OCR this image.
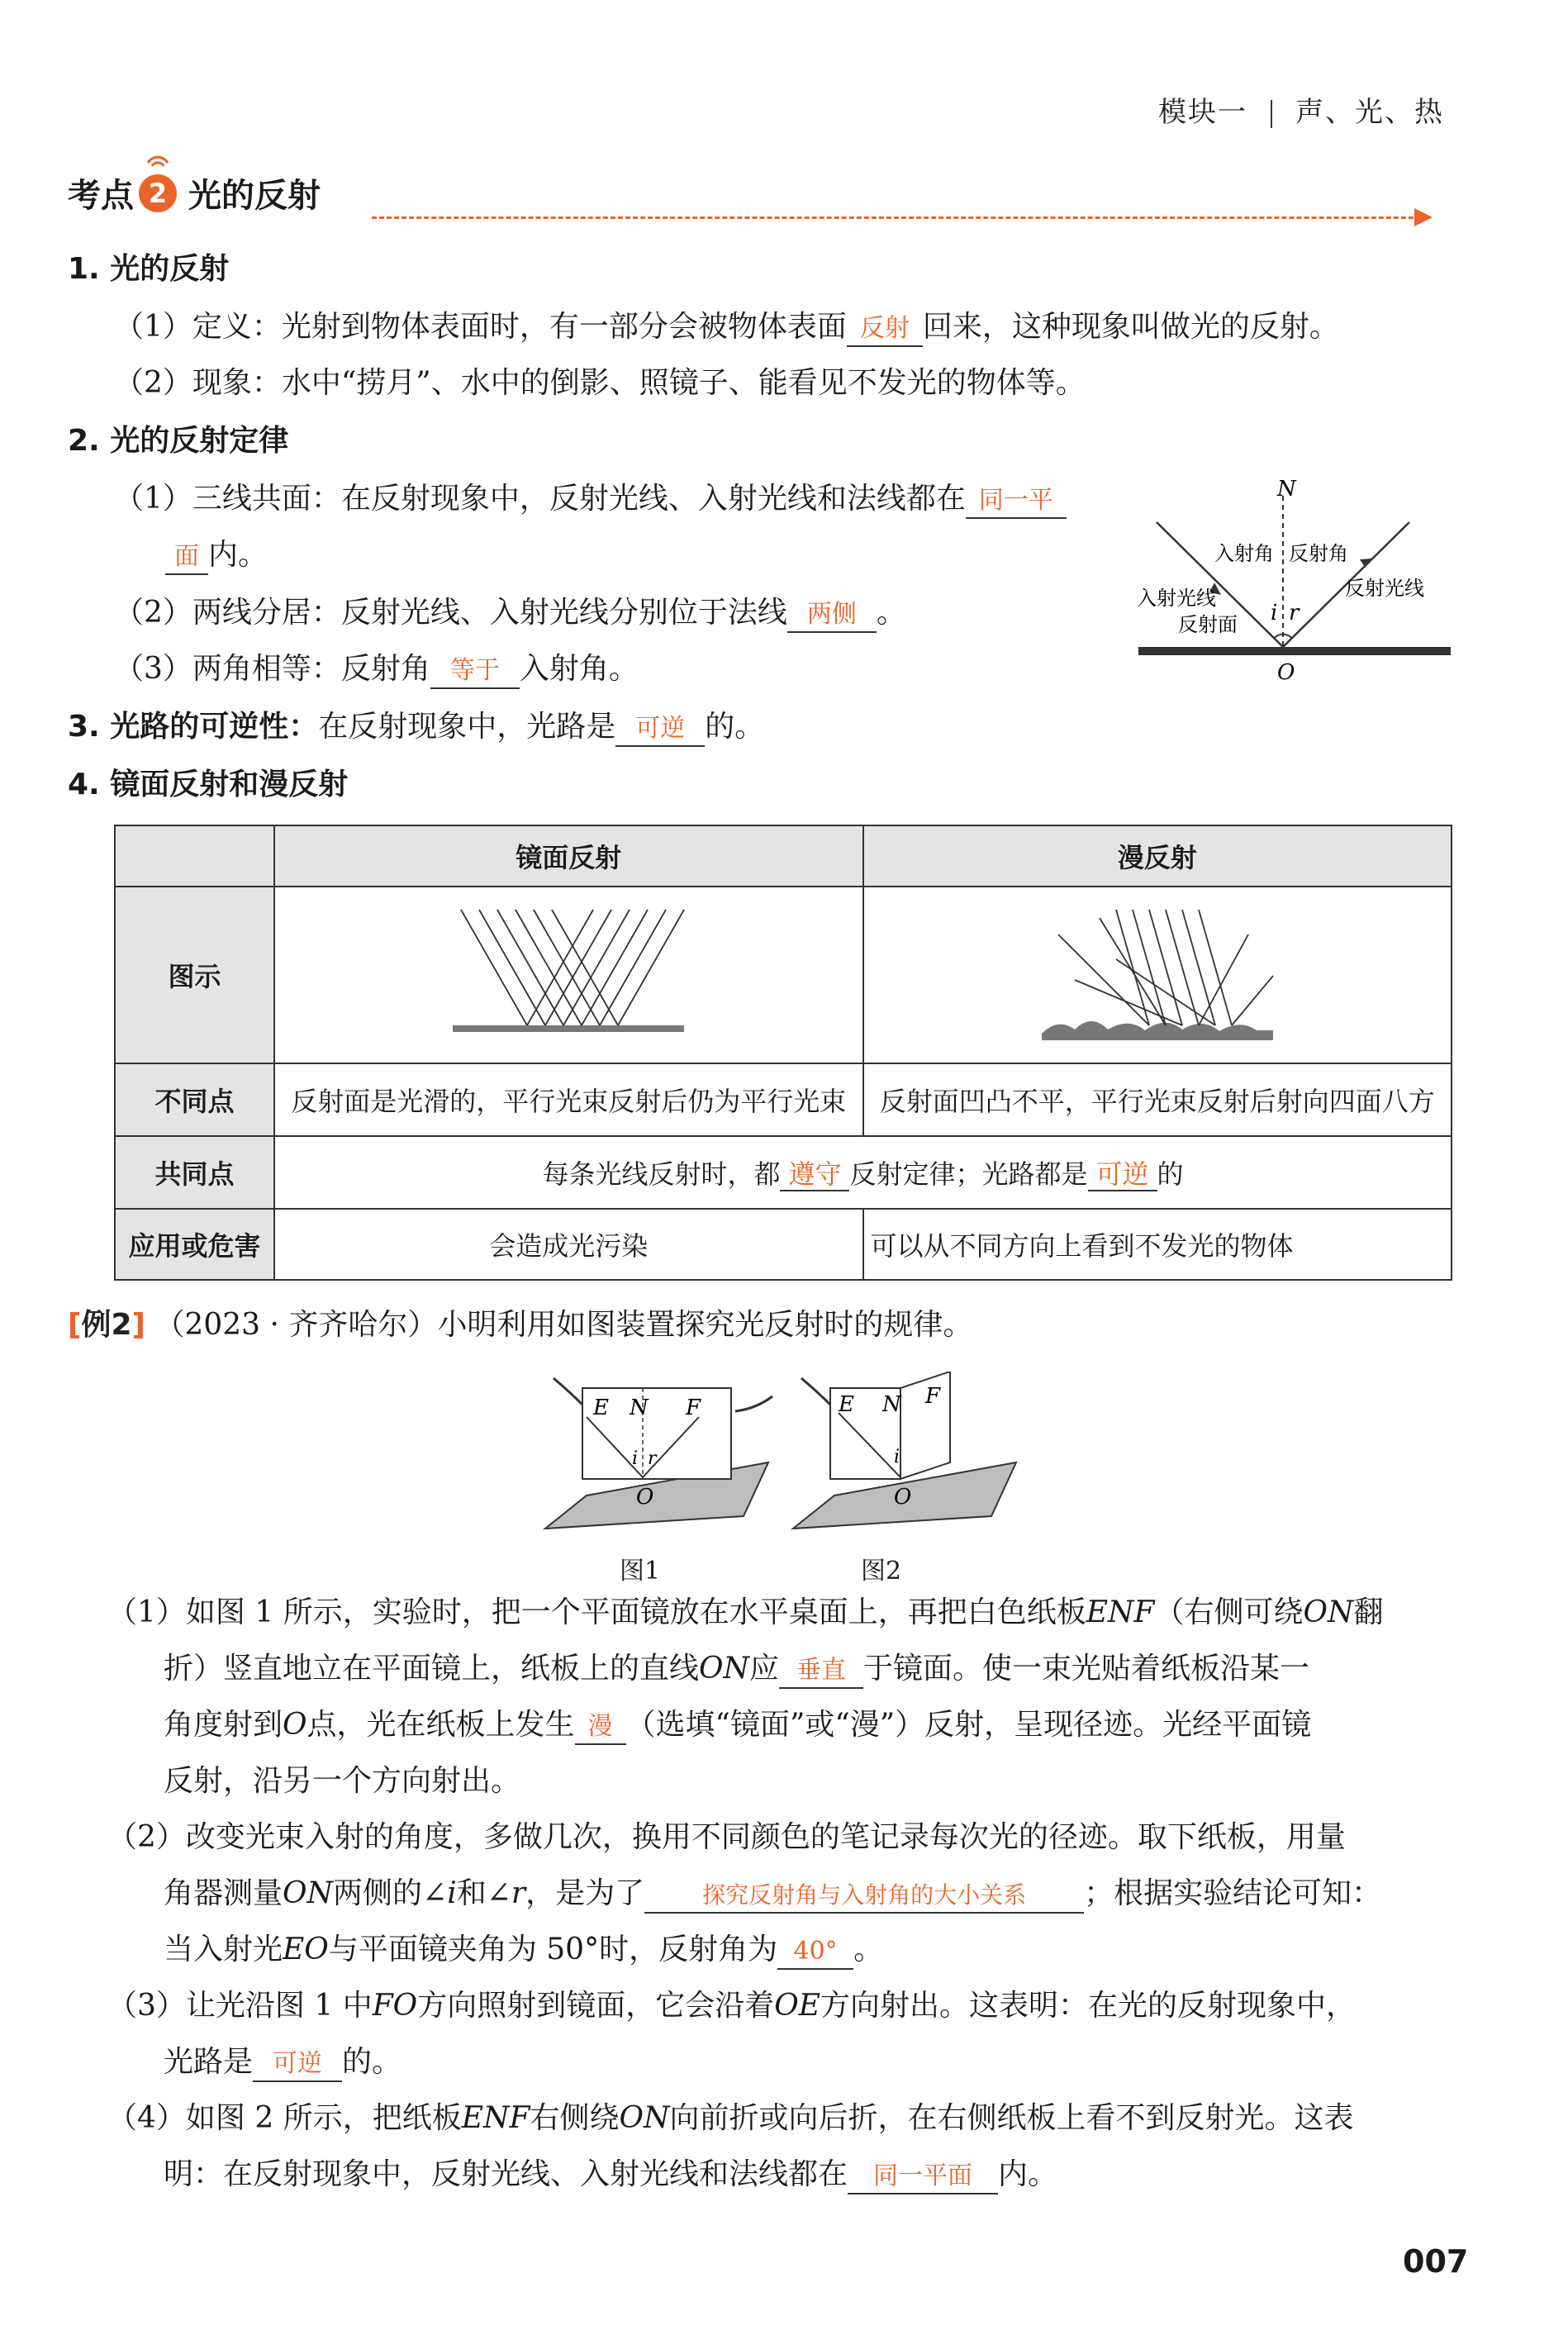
模块一 声、光、热
考点 2 光的反射
1. 光的反射
（1）定义：光射到物体表面时，有一部分会被物体表面 反射 回来，这种现象叫做光的反射。
（2）现象：水中“捞月”、水中的倒影、照镜子、能看见不发光的物体等。
2. 光的反射定律
（1）三线共面：在反射现象中，反射光线、入射光线和法线都在 同一平
面 内。
（2）两线分居：反射光线、入射光线分别位于法线 两侧 。
（3）两角相等：反射角 等于 入射角。
N
入射角 反射角
反射光线
入射光线
反射面 i r
O
3. 光路的可逆性：在反射现象中，光路是 可逆 的。
4. 镜面反射和漫反射
	镜面反射	漫反射
图示		
不同点	反射面是光滑的，平行光束反射后仍为平行光束	反射面凹凸不平，平行光束反射后射向四面八方
共同点	每条光线反射时，都 遵守 反射定律；光路都是 可逆 的	
应用或危害	会造成光污染	可以从不同方向上看到不发光的物体
[例2] （2023 · 齐齐哈尔）小明利用如图装置探究光反射时的规律。
E N F
i r
O
E N F
i
O
图1	图2
（1）如图 1 所示，实验时，把一个平面镜放在水平桌面上，再把白色纸板ENF（右侧可绕ON翻
折）竖直地立在平面镜上，纸板上的直线ON应 垂直 于镜面。使一束光贴着纸板沿某一
角度射到O点，光在纸板上发生 漫 （选填“镜面”或“漫”）反射，呈现径迹。光经平面镜
反射，沿另一个方向射出。
（2）改变光束入射的角度，多做几次，换用不同颜色的笔记录每次光的径迹。取下纸板，用量
角器测量ON两侧的∠i和∠r，是为了 探究反射角与入射角的大小关系 ；根据实验结论可知：
当入射光EO与平面镜夹角为 50°时，反射角为 40° 。
（3）让光沿图 1 中FO方向照射到镜面，它会沿着OE方向射出。这表明：在光的反射现象中，
光路是 可逆 的。
（4）如图 2 所示，把纸板ENF右侧绕ON向前折或向后折，在右侧纸板上看不到反射光。这表
明：在反射现象中，反射光线、入射光线和法线都在 同一平面 内。
007
